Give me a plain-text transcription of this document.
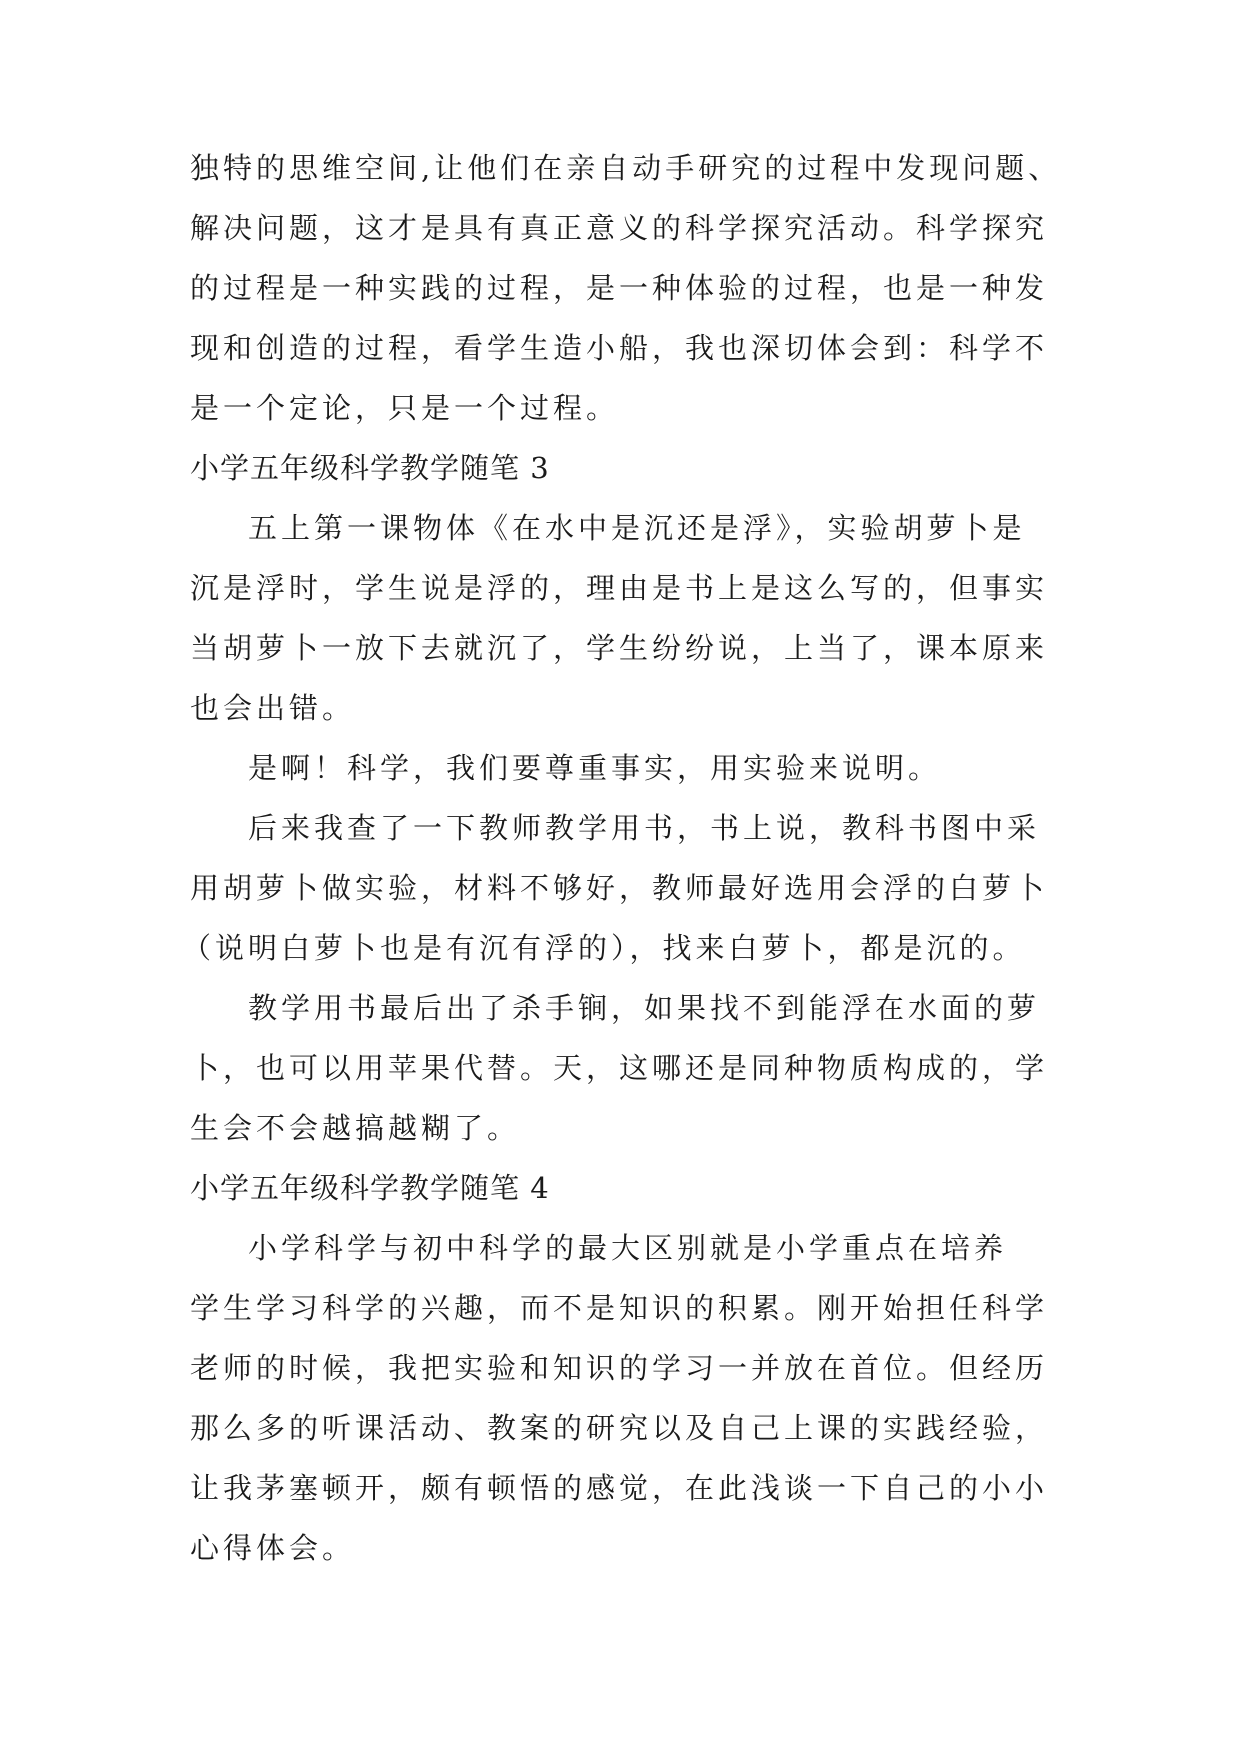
独特的思维空间,让他们在亲自动手研究的过程中发现问题、
解决问题，这才是具有真正意义的科学探究活动。科学探究
的过程是一种实践的过程，是一种体验的过程，也是一种发
现和创造的过程，看学生造小船，我也深切体会到：科学不
是一个定论，只是一个过程。
小学五年级科学教学随笔 3
五上第一课物体《在水中是沉还是浮》，实验胡萝卜是
沉是浮时，学生说是浮的，理由是书上是这么写的，但事实
当胡萝卜一放下去就沉了，学生纷纷说，上当了，课本原来
也会出错。
是啊！科学，我们要尊重事实，用实验来说明。
后来我查了一下教师教学用书，书上说，教科书图中采
用胡萝卜做实验，材料不够好，教师最好选用会浮的白萝卜
（说明白萝卜也是有沉有浮的），找来白萝卜，都是沉的。
教学用书最后出了杀手锏，如果找不到能浮在水面的萝
卜，也可以用苹果代替。天，这哪还是同种物质构成的，学
生会不会越搞越糊了。
小学五年级科学教学随笔 4
小学科学与初中科学的最大区别就是小学重点在培养
学生学习科学的兴趣，而不是知识的积累。刚开始担任科学
老师的时候，我把实验和知识的学习一并放在首位。但经历
那么多的听课活动、教案的研究以及自己上课的实践经验，
让我茅塞顿开，颇有顿悟的感觉，在此浅谈一下自己的小小
心得体会。
